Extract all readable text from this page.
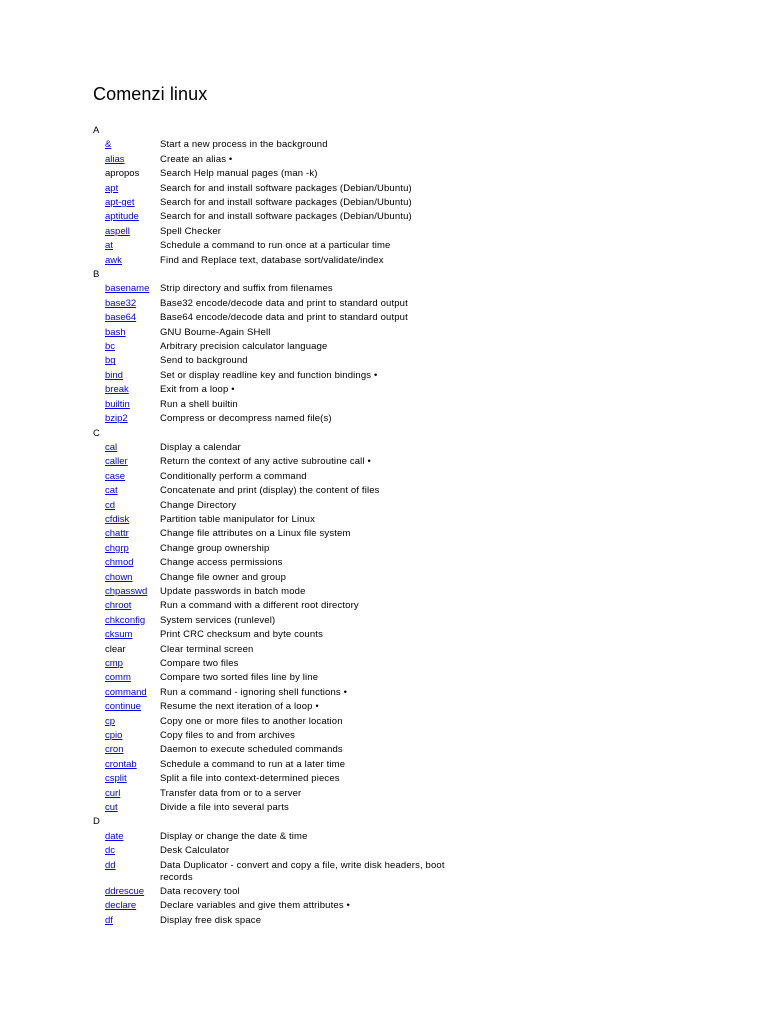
Comenzi linux
A
&	Start a new process in the background
alias	Create an alias •
apropos	Search Help manual pages (man -k)
apt	Search for and install software packages (Debian/Ubuntu)
apt-get	Search for and install software packages (Debian/Ubuntu)
aptitude	Search for and install software packages (Debian/Ubuntu)
aspell	Spell Checker
at	Schedule a command to run once at a particular time
awk	Find and Replace text, database sort/validate/index
B
basename	Strip directory and suffix from filenames
base32	Base32 encode/decode data and print to standard output
base64	Base64 encode/decode data and print to standard output
bash	GNU Bourne-Again SHell
bc	Arbitrary precision calculator language
bg	Send to background
bind	Set or display readline key and function bindings •
break	Exit from a loop •
builtin	Run a shell builtin
bzip2	Compress or decompress named file(s)
C
cal	Display a calendar
caller	Return the context of any active subroutine call •
case	Conditionally perform a command
cat	Concatenate and print (display) the content of files
cd	Change Directory
cfdisk	Partition table manipulator for Linux
chattr	Change file attributes on a Linux file system
chgrp	Change group ownership
chmod	Change access permissions
chown	Change file owner and group
chpasswd	Update passwords in batch mode
chroot	Run a command with a different root directory
chkconfig	System services (runlevel)
cksum	Print CRC checksum and byte counts
clear	Clear terminal screen
cmp	Compare two files
comm	Compare two sorted files line by line
command	Run a command - ignoring shell functions •
continue	Resume the next iteration of a loop •
cp	Copy one or more files to another location
cpio	Copy files to and from archives
cron	Daemon to execute scheduled commands
crontab	Schedule a command to run at a later time
csplit	Split a file into context-determined pieces
curl	Transfer data from or to a server
cut	Divide a file into several parts
D
date	Display or change the date & time
dc	Desk Calculator
dd	Data Duplicator - convert and copy a file, write disk headers, boot records
ddrescue	Data recovery tool
declare	Declare variables and give them attributes •
df	Display free disk space
